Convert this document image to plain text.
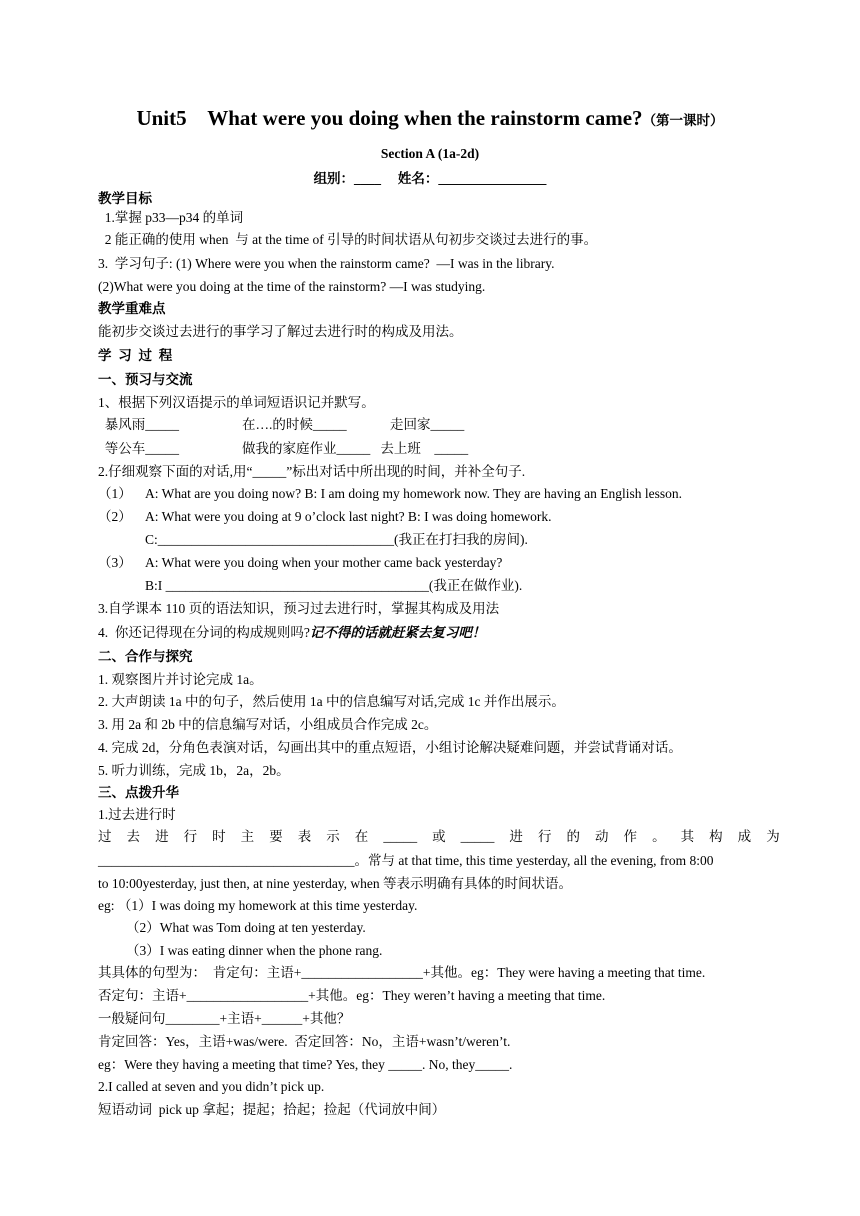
Unit5    What were you doing when the rainstorm came?（第一课时）
Section A (1a-2d)
组别：____     姓名：________________
教学目标
1.掌握 p33—p34 的单词
2 能正确的使用 when  与 at the time of 引导的时间状语从句初步交谈过去进行的事。
3.  学习句子: (1) Where were you when the rainstorm came?  —I was in the library.
(2)What were you doing at the time of the rainstorm? —I was studying.
教学重难点
能初步交谈过去进行的事学习了解过去进行时的构成及用法。
学  习  过  程
一、预习与交流
1、根据下列汉语提示的单词短语识记并默写。
暴风雨_____	在….的时候_____	走回家_____
等公车_____	做我的家庭作业_____   去上班    _____
2.仔细观察下面的对话,用“_____”标出对话中所出现的时间，并补全句子.
（1） A: What are you doing now? B: I am doing my homework now. They are having an English lesson.
（2） A: What were you doing at 9 o’clock last night? B: I was doing homework.
C:___________________________________(我正在打扫我的房间).
（3） A: What were you doing when your mother came back yesterday?
B:I _______________________________________(我正在做作业).
3.自学课本 110 页的语法知识，预习过去进行时，掌握其构成及用法
4.  你还记得现在分词的构成规则吗?记不得的话就赶紧去复习吧！
二、合作与探究
1. 观察图片并讨论完成 1a。
2. 大声朗读 1a 中的句子，然后使用 1a 中的信息编写对话,完成 1c 并作出展示。
3. 用 2a 和 2b 中的信息编写对话，小组成员合作完成 2c。
4. 完成 2d，分角色表演对话，勾画出其中的重点短语，小组讨论解决疑难问题，并尝试背诵对话。
5. 听力训练，完成 1b，2a，2b。
三、点拨升华
1.过去进行时
过 去 进 行 时 主 要 表 示 在 _____ 或 _____ 进 行 的 动 作 。 其 构 成 为
______________________________________。常与 at that time, this time yesterday, all the evening, from 8:00
to 10:00yesterday, just then, at nine yesterday, when 等表示明确有具体的时间状语。
eg: （1）I was doing my homework at this time yesterday.
（2）What was Tom doing at ten yesterday.
（3）I was eating dinner when the phone rang.
其具体的句型为：  肯定句：主语+__________________+其他。eg：They were having a meeting that time.
否定句：主语+__________________+其他。eg：They weren’t having a meeting that time.
一般疑问句________+主语+______+其他？
肯定回答：Yes，主语+was/were.  否定回答：No，主语+wasn’t/weren’t.
eg：Were they having a meeting that time? Yes, they _____. No, they_____.
2.I called at seven and you didn’t pick up.
短语动词  pick up 拿起；提起；拾起；捡起（代词放中间）
